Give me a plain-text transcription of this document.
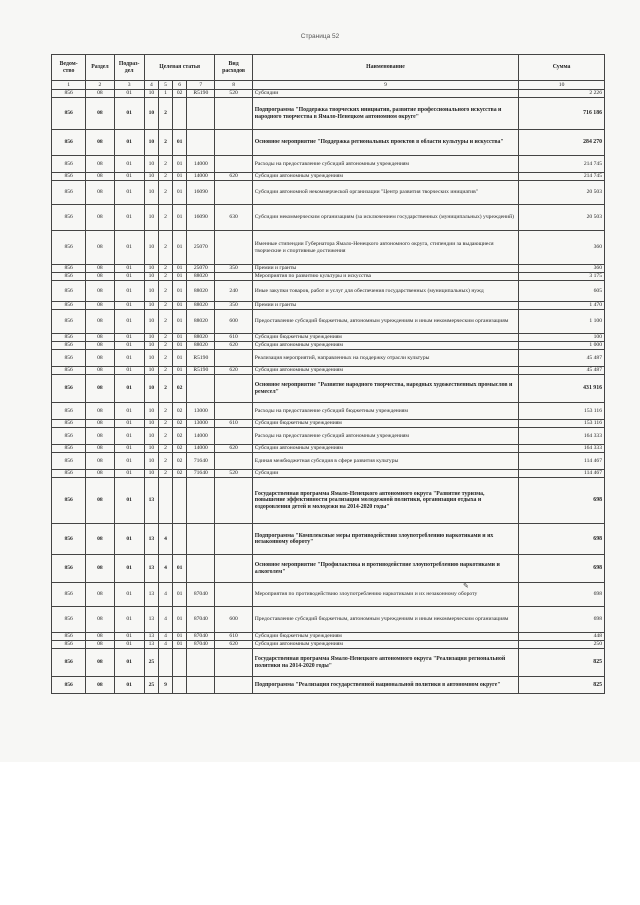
Страница 52
Ведом-ство	Раздел	Подраз-дел	Целевая статья				Вид расходов	Наименование	Сумма
1	2	3	4	5	6	7	8	9	10
856	08	01	10	1	02	R5190	520	Субсидии	2 226
856	08	01	10	2				Подпрограмма "Поддержка творческих инициатив, развитие профессионального искусства и народного творчества в Ямало-Ненецком автономном округе"	716 186
856	08	01	10	2	01			Основное мероприятие "Поддержка региональных проектов в области культуры и искусства"	284 270
856	08	01	10	2	01	14000		Расходы на предоставление субсидий автономным учреждениям	214 745
856	08	01	10	2	01	14000	620	Субсидии автономным учреждениям	214 745
856	08	01	10	2	01	16090		Субсидии автономной некоммерческой организации "Центр развития творческих инициатив"	20 503
856	08	01	10	2	01	16090	630	Субсидии некоммерческим организациям (за исключением государственных (муниципальных) учреждений)	20 503
856	08	01	10	2	01	25070		Именные стипендии Губернатора Ямало-Ненецкого автономного округа, стипендии за выдающиеся творческие и спортивные достижения	360
856	08	01	10	2	01	25070	350	Премии и гранты	360
856	08	01	10	2	01	88020		Мероприятия по развитию культуры и искусства	3 175
856	08	01	10	2	01	88020	240	Иные закупки товаров, работ и услуг для обеспечения государственных (муниципальных) нужд	605
856	08	01	10	2	01	88020	350	Премии и гранты	1 470
856	08	01	10	2	01	88020	600	Предоставление субсидий бюджетным, автономным учреждениям и иным некоммерческим организациям	1 100
856	08	01	10	2	01	88020	610	Субсидии бюджетным учреждениям	100
856	08	01	10	2	01	88020	620	Субсидии автономным учреждениям	1 000
856	08	01	10	2	01	R5190		Реализация мероприятий, направленных на поддержку отрасли культуры	45 487
856	08	01	10	2	01	R5190	620	Субсидии автономным учреждениям	45 487
856	08	01	10	2	02			Основное мероприятие "Развитие народного творчества, народных художественных промыслов и ремесел"	431 916
856	08	01	10	2	02	13000		Расходы на предоставление субсидий бюджетным учреждениям	153 116
856	08	01	10	2	02	13000	610	Субсидии бюджетным учреждениям	153 116
856	08	01	10	2	02	14000		Расходы на предоставление субсидий автономным учреждениям	164 333
856	08	01	10	2	02	14000	620	Субсидии автономным учреждениям	164 333
856	08	01	10	2	02	71640		Единая межбюджетная субсидия в сфере развития культуры	114 467
856	08	01	10	2	02	71640	520	Субсидии	114 467
856	08	01	13					Государственная программа Ямало-Ненецкого автономного округа "Развитие туризма, повышение эффективности реализации молодежной политики, организация отдыха и оздоровления детей и молодежи на 2014-2020 годы"	698
856	08	01	13	4				Подпрограмма "Комплексные меры противодействия злоупотреблению наркотиками и их незаконному обороту"	698
856	08	01	13	4	01			Основное мероприятие "Профилактика и противодействие злоупотреблению наркотиками и алкоголем"	698
856	08	01	13	4	01	87040		Мероприятия по противодействию злоупотреблению наркотиками и их незаконному обороту	698
856	08	01	13	4	01	87040	600	Предоставление субсидий бюджетным, автономным учреждениям и иным некоммерческим организациям	698
856	08	01	13	4	01	87040	610	Субсидии бюджетным учреждениям	448
856	08	01	13	4	01	87040	620	Субсидии автономным учреждениям	250
856	08	01	25					Государственная программа Ямало-Ненецкого автономного округа "Реализация региональной политики на 2014-2020 годы"	825
856	08	01	25	9				Подпрограмма "Реализация государственной национальной политики в автономном округе"	825
✎
